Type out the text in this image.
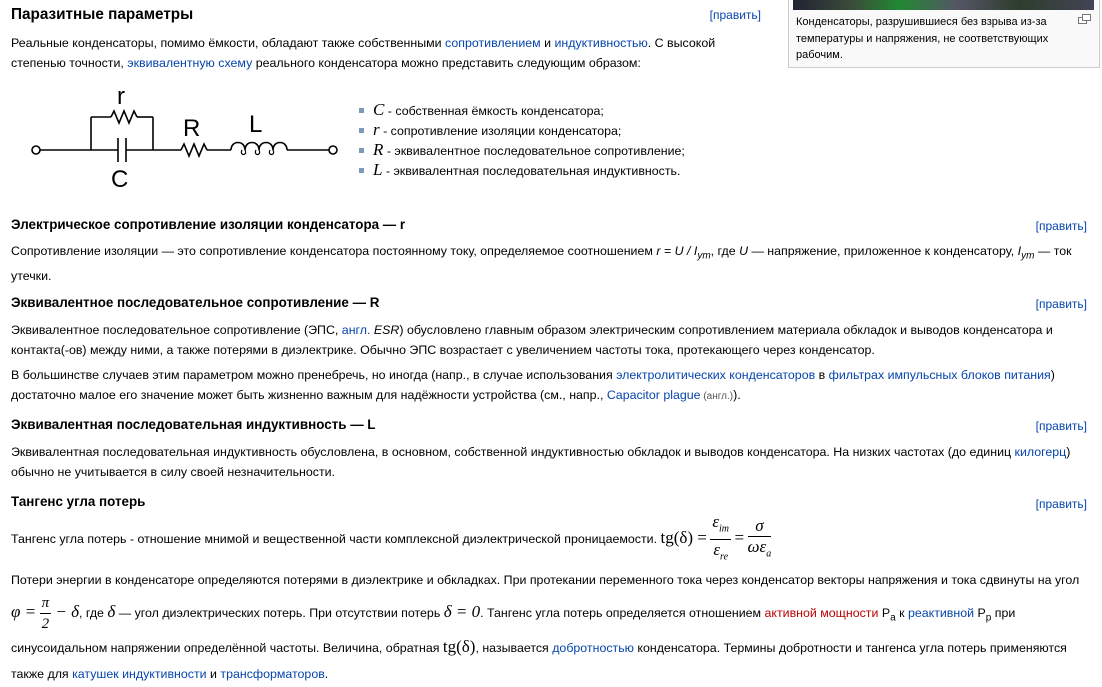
Конденсаторы, разрушившиеся без взрыва из-за температуры и напряжения, не соответствующих рабочим.
Паразитные параметры	[править]

Реальные конденсаторы, помимо ёмкости, обладают также собственными сопротивлением и индуктивностью. С высокой степенью точности, эквивалентную схему реального конденсатора можно представить следующим образом:

r
R L
C
C - собственная ёмкость конденсатора;
r - сопротивление изоляции конденсатора;
R - эквивалентное последовательное сопротивление;
L - эквивалентная последовательная индуктивность.
Электрическое сопротивление изоляции конденсатора — r	[править]

Сопротивление изоляции — это сопротивление конденсатора постоянному току, определяемое соотношением $r = U / I_{ут}$, где U — напряжение, приложенное к конденсатору, $I_{ут}$ — ток утечки.

Эквивалентное последовательное сопротивление — R	[править]

Эквивалентное последовательное сопротивление (ЭПС, англ. ESR) обусловлено главным образом электрическим сопротивлением материала обкладок и выводов конденсатора и контакта(-ов) между ними, а также потерями в диэлектрике. Обычно ЭПС возрастает с увеличением частоты тока, протекающего через конденсатор.

В большинстве случаев этим параметром можно пренебречь, но иногда (напр., в случае использования электролитических конденсаторов в фильтрах импульсных блоков питания) достаточно малое его значение может быть жизненно важным для надёжности устройства (см., напр., Capacitor plague (англ.)).

Эквивалентная последовательная индуктивность — L	[править]

Эквивалентная последовательная индуктивность обусловлена, в основном, собственной индуктивностью обкладок и выводов конденсатора. На низких частотах (до единиц килогерц) обычно не учитывается в силу своей незначительности.

Тангенс угла потерь	[править]

Тангенс угла потерь - отношение мнимой и вещественной части комплексной диэлектрической проницаемости. $tg(\delta) = \frac{\varepsilon_{im}}{\varepsilon_{re}} = \frac{\sigma}{\omega\varepsilon_a}$

Потери энергии в конденсаторе определяются потерями в диэлектрике и обкладках. При протекании переменного тока через конденсатор векторы напряжения и тока сдвинуты на угол $\varphi = \frac{\pi}{2} - \delta$, где δ — угол диэлектрических потерь. При отсутствии потерь δ = 0. Тангенс угла потерь определяется отношением активной мощности $P_a$ к реактивной $P_р$ при синусоидальном напряжении определённой частоты. Величина, обратная tg(δ), называется добротностью конденсатора. Термины добротности и тангенса угла потерь применяются также для катушек индуктивности и трансформаторов.
